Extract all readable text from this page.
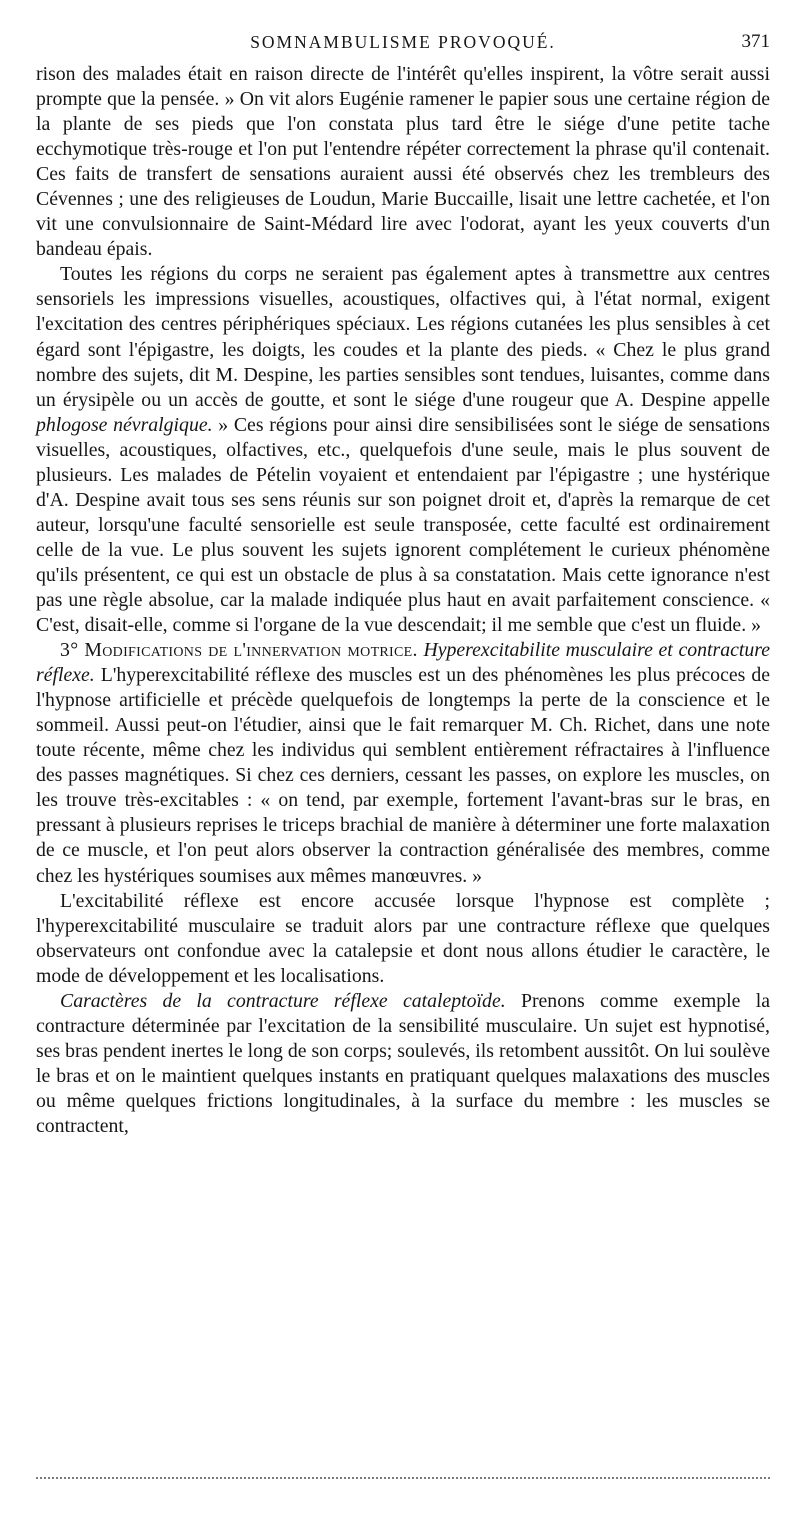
SOMNAMBULISME PROVOQUÉ.	371

rison des malades était en raison directe de l'intérêt qu'elles inspirent, la vôtre serait aussi prompte que la pensée. » On vit alors Eugénie ramener le papier sous une certaine région de la plante de ses pieds que l'on constata plus tard être le siége d'une petite tache ecchymotique très-rouge et l'on put l'entendre répéter correctement la phrase qu'il contenait. Ces faits de transfert de sensations auraient aussi été observés chez les trembleurs des Cévennes ; une des religieuses de Loudun, Marie Buccaille, lisait une lettre cachetée, et l'on vit une convulsionnaire de Saint-Médard lire avec l'odorat, ayant les yeux couverts d'un bandeau épais.

Toutes les régions du corps ne seraient pas également aptes à transmettre aux centres sensoriels les impressions visuelles, acoustiques, olfactives qui, à l'état normal, exigent l'excitation des centres périphériques spéciaux. Les régions cutanées les plus sensibles à cet égard sont l'épigastre, les doigts, les coudes et la plante des pieds. « Chez le plus grand nombre des sujets, dit M. Despine, les parties sensibles sont tendues, luisantes, comme dans un érysipèle ou un accès de goutte, et sont le siége d'une rougeur que A. Despine appelle phlogose névralgique. » Ces régions pour ainsi dire sensibilisées sont le siége de sensations visuelles, acoustiques, olfactives, etc., quelquefois d'une seule, mais le plus souvent de plusieurs. Les malades de Pételin voyaient et entendaient par l'épigastre ; une hystérique d'A. Despine avait tous ses sens réunis sur son poignet droit et, d'après la remarque de cet auteur, lorsqu'une faculté sensorielle est seule transposée, cette faculté est ordinairement celle de la vue. Le plus souvent les sujets ignorent complétement le curieux phénomène qu'ils présentent, ce qui est un obstacle de plus à sa constatation. Mais cette ignorance n'est pas une règle absolue, car la malade indiquée plus haut en avait parfaitement conscience. « C'est, disait-elle, comme si l'organe de la vue descendait; il me semble que c'est un fluide. »

3° Modifications de l'innervation motrice. Hyperexcitabilite musculaire et contracture réflexe. L'hyperexcitabilité réflexe des muscles est un des phénomènes les plus précoces de l'hypnose artificielle et précède quelquefois de longtemps la perte de la conscience et le sommeil. Aussi peut-on l'étudier, ainsi que le fait remarquer M. Ch. Richet, dans une note toute récente, même chez les individus qui semblent entièrement réfractaires à l'influence des passes magnétiques. Si chez ces derniers, cessant les passes, on explore les muscles, on les trouve très-excitables : « on tend, par exemple, fortement l'avant-bras sur le bras, en pressant à plusieurs reprises le triceps brachial de manière à déterminer une forte malaxation de ce muscle, et l'on peut alors observer la contraction généralisée des membres, comme chez les hystériques soumises aux mêmes manœuvres. »

L'excitabilité réflexe est encore accusée lorsque l'hypnose est complète ; l'hyperexcitabilité musculaire se traduit alors par une contracture réflexe que quelques observateurs ont confondue avec la catalepsie et dont nous allons étudier le caractère, le mode de développement et les localisations.

Caractères de la contracture réflexe cataleptoïde. Prenons comme exemple la contracture déterminée par l'excitation de la sensibilité musculaire. Un sujet est hypnotisé, ses bras pendent inertes le long de son corps; soulevés, ils retombent aussitôt. On lui soulève le bras et on le maintient quelques instants en pratiquant quelques malaxations des muscles ou même quelques frictions longitudinales, à la surface du membre : les muscles se contractent,
